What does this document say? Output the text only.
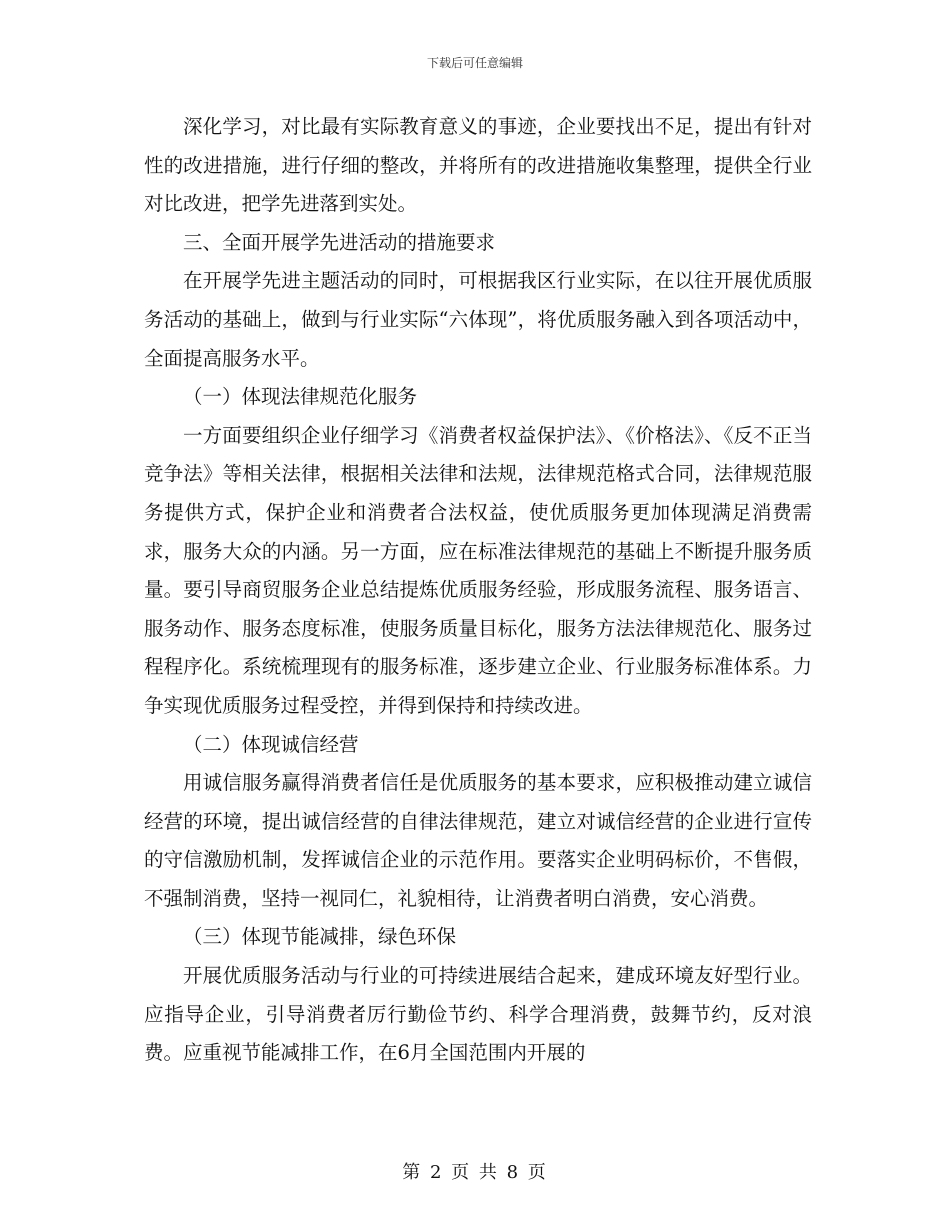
下载后可任意编辑

深化学习，对比最有实际教育意义的事迹，企业要找出不足，提出有针对性的改进措施，进行仔细的整改，并将所有的改进措施收集整理，提供全行业对比改进，把学先进落到实处。

三、全面开展学先进活动的措施要求

在开展学先进主题活动的同时，可根据我区行业实际，在以往开展优质服务活动的基础上，做到与行业实际“六体现”，将优质服务融入到各项活动中，全面提高服务水平。

（一）体现法律规范化服务

一方面要组织企业仔细学习《消费者权益保护法》、《价格法》、《反不正当竞争法》等相关法律，根据相关法律和法规，法律规范格式合同，法律规范服务提供方式，保护企业和消费者合法权益，使优质服务更加体现满足消费需求，服务大众的内涵。另一方面，应在标准法律规范的基础上不断提升服务质量。要引导商贸服务企业总结提炼优质服务经验，形成服务流程、服务语言、服务动作、服务态度标准，使服务质量目标化，服务方法法律规范化、服务过程程序化。系统梳理现有的服务标准，逐步建立企业、行业服务标准体系。力争实现优质服务过程受控，并得到保持和持续改进。

（二）体现诚信经营

用诚信服务赢得消费者信任是优质服务的基本要求，应积极推动建立诚信经营的环境，提出诚信经营的自律法律规范，建立对诚信经营的企业进行宣传的守信激励机制，发挥诚信企业的示范作用。要落实企业明码标价，不售假，不强制消费，坚持一视同仁，礼貌相待，让消费者明白消费，安心消费。

（三）体现节能减排，绿色环保

开展优质服务活动与行业的可持续进展结合起来，建成环境友好型行业。应指导企业，引导消费者厉行勤俭节约、科学合理消费，鼓舞节约，反对浪费。应重视节能减排工作，在6月全国范围内开展的

第 2 页 共 8 页
